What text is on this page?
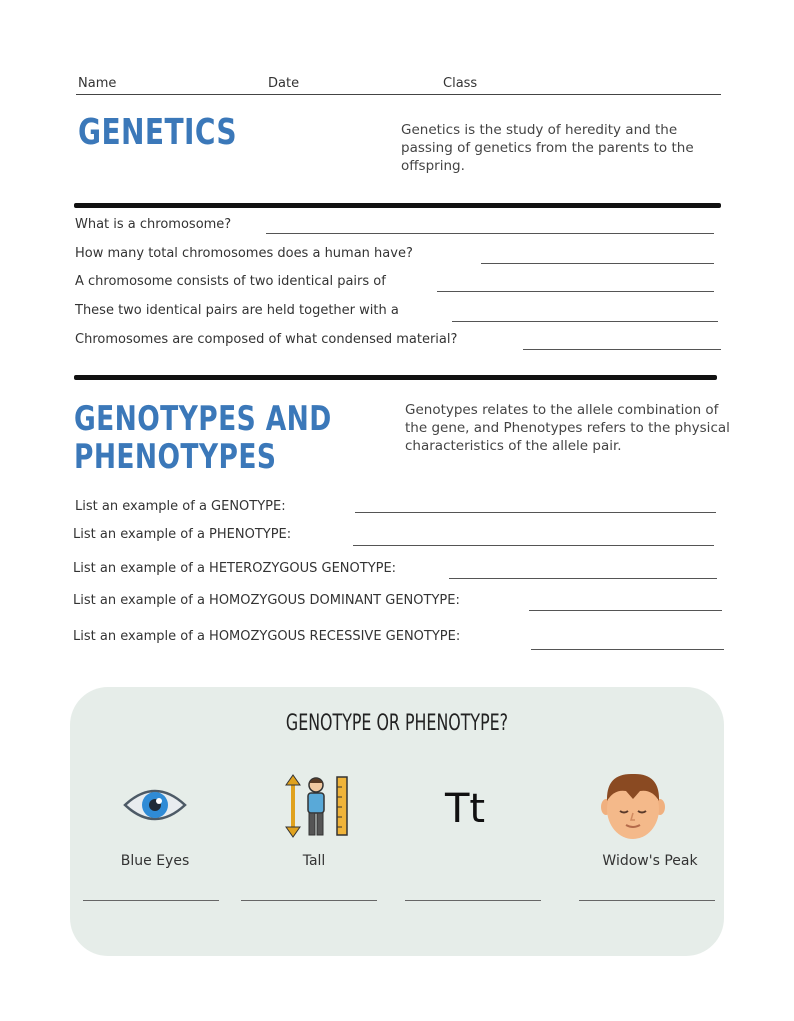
Name	Date	Class
GENETICS	Genetics is the study of heredity and the passing of genetics from the parents to the offspring.
What is a chromosome?
How many total chromosomes does a human have?
A chromosome consists of two identical pairs of
These two identical pairs are held together with a
Chromosomes are composed of what condensed material?
GENOTYPES AND
PHENOTYPES
Genotypes relates to the allele combination of the gene, and Phenotypes refers to the physical characteristics of the allele pair.
List an example of a GENOTYPE:
List an example of a PHENOTYPE:
List an example of a HETEROZYGOUS GENOTYPE:
List an example of a HOMOZYGOUS DOMINANT GENOTYPE:
List an example of a HOMOZYGOUS RECESSIVE GENOTYPE:
GENOTYPE OR PHENOTYPE?
Blue Eyes	Tall
Tt
Widow's Peak
